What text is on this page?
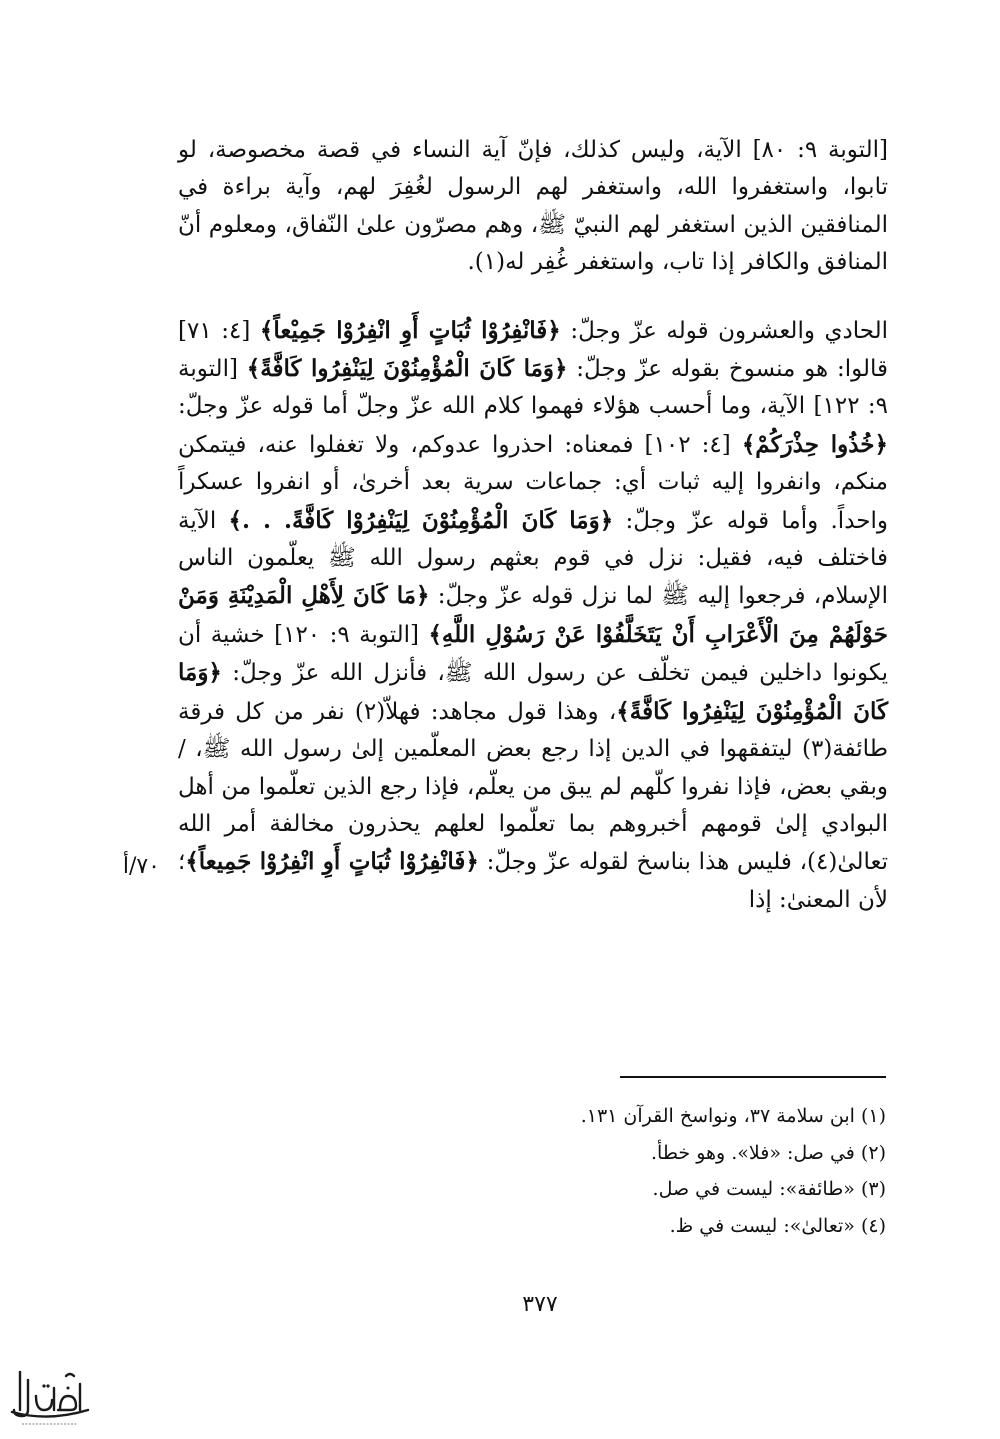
[التوبة ٩: ٨٠] الآية، وليس كذلك، فإنّ آية النساء في قصة مخصوصة، لو تابوا، واستغفروا الله، واستغفر لهم الرسول لغُفِرَ لهم، وآية براءة في المنافقين الذين استغفر لهم النبيّ ﷺ، وهم مصرّون علىٰ النّفاق، ومعلوم أنّ المنافق والكافر إذا تاب، واستغفر غُفِر له(١).

الحادي والعشرون قوله عزّ وجلّ: ﴿فَانْفِرُوْا ثُبَاتٍ أَوِ انْفِرُوْا جَمِيْعاً﴾ [٤: ٧١] قالوا: هو منسوخ بقوله عزّ وجلّ: ﴿وَمَا كَانَ الْمُؤْمِنُوْنَ لِيَنْفِرُوا كَافَّةً﴾ [التوبة ٩: ١٢٢] الآية، وما أحسب هؤلاء فهموا كلام الله عزّ وجلّ أما قوله عزّ وجلّ: ﴿خُذُوا حِذْرَكُمْ﴾ [٤: ١٠٢] فمعناه: احذروا عدوكم، ولا تغفلوا عنه، فيتمكن منكم، وانفروا إليه ثبات أي: جماعات سرية بعد أخرىٰ، أو انفروا عسكراً واحداً. وأما قوله عزّ وجلّ: ﴿وَمَا كَانَ الْمُؤْمِنُوْنَ لِيَنْفِرُوْا كَافَّةً. . .﴾ الآية فاختلف فيه، فقيل: نزل في قوم بعثهم رسول الله ﷺ يعلّمون الناس الإسلام، فرجعوا إليه ﷺ لما نزل قوله عزّ وجلّ: ﴿مَا كَانَ لِأَهْلِ الْمَدِيْنَةِ وَمَنْ حَوْلَهُمْ مِنَ الْأَعْرَابِ أَنْ يَتَخَلَّفُوْا عَنْ رَسُوْلِ اللَّهِ﴾ [التوبة ٩: ١٢٠] خشية أن يكونوا داخلين فيمن تخلّف عن رسول الله ﷺ، فأنزل الله عزّ وجلّ: ﴿وَمَا كَانَ الْمُؤْمِنُوْنَ لِيَنْفِرُوا كَافَّةً﴾، وهذا قول مجاهد: فهلاّ(٢) نفر من كل فرقة طائفة(٣) ليتفقهوا في الدين إذا رجع بعض المعلّمين إلىٰ رسول الله ﷺ، / وبقي بعض، فإذا نفروا كلّهم لم يبق من يعلّم، فإذا رجع الذين تعلّموا من أهل البوادي إلىٰ قومهم أخبروهم بما تعلّموا لعلهم يحذرون مخالفة أمر الله تعالىٰ(٤)، فليس هذا بناسخ لقوله عزّ وجلّ: ﴿فَانْفِرُوْا ثُبَاتٍ أَوِ انْفِرُوْا جَمِيعاً﴾؛ لأن المعنىٰ: إذا

٧٠/أ
(١) ابن سلامة ٣٧، ونواسخ القرآن ١٣١.
(٢) في صل: «فلا». وهو خطأ.
(٣) «طائفة»: ليست في صل.
(٤) «تعالىٰ»: ليست في ظ.
٣٧٧
